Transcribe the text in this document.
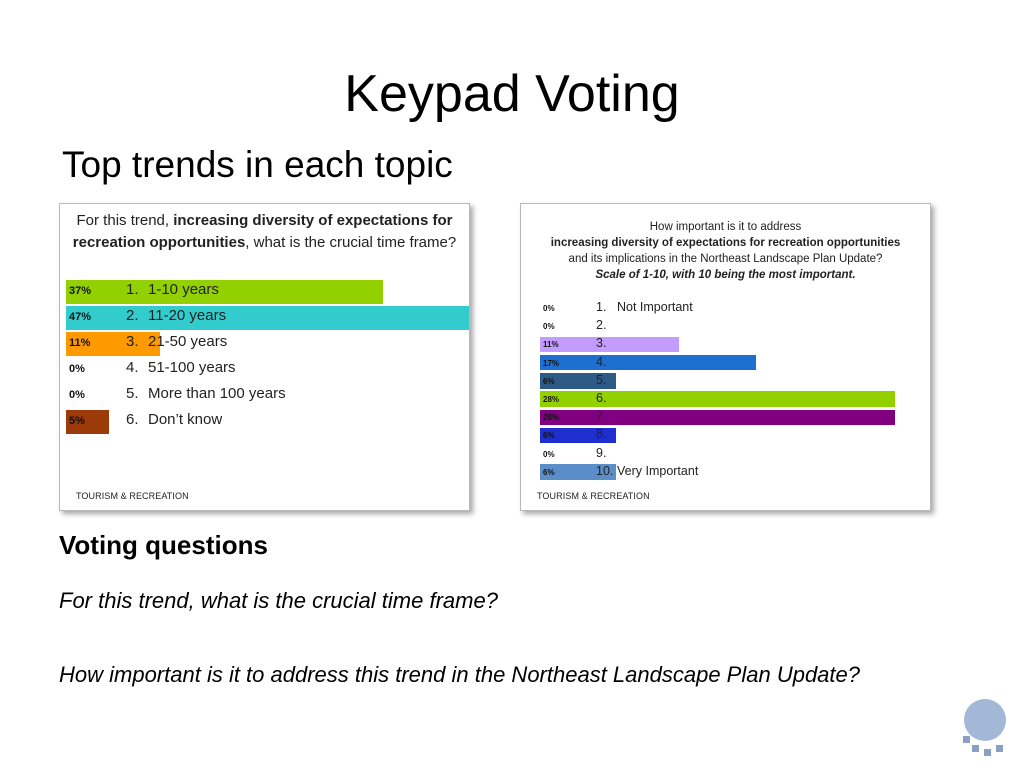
Keypad Voting
Top trends in each topic
For this trend, increasing diversity of expectations for recreation opportunities, what is the crucial time frame?
37% 1. 1-10 years
47% 2. 11-20 years
11% 3. 21-50 years
0%	4. 51-100 years
0%	5. More than 100 years
5%	6. Don’t know
TOURISM & RECREATION
How important is it to address
increasing diversity of expectations for recreation opportunities
and its implications in the Northeast Landscape Plan Update?
Scale of 1-10, with 10 being the most important.
0%	1. Not Important
0%	2.
11%	3.
17%	4.
6%	5.
28%	6.
28%	7.
6%	8.
0%	9.
6%	10. Very Important
TOURISM & RECREATION
Voting questions
For this trend, what is the crucial time frame?
How important is it to address this trend in the Northeast Landscape Plan Update?
